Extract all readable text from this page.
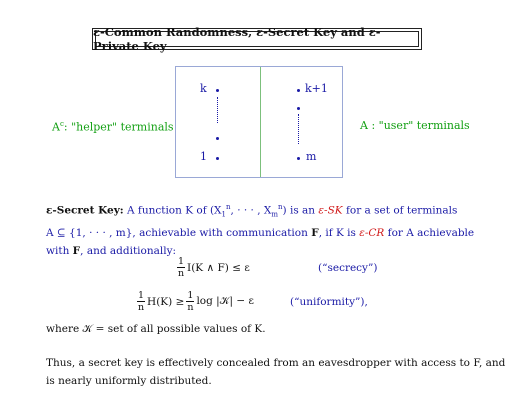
ε-Common Randomness, ε-Secret Key and ε-Private Key
k
1
k+1
m
$A^c$: "helper" terminals	A : "user" terminals
ε-Secret Key: A function K of ($X_1^n$, · · · , $X_m^n$) is an ε-SK for a set of terminals
A ⊆ {1, · · · , m}, achievable with communication F, if K is ε-CR for A achievable
with F, and additionally:
$\frac{1}{n} I(K$ ∧ F) ≤ ε	(“secrecy”)
$\frac{1}{n} H(K) \ge \frac{1}{n}$ log |𝒦| − ε	(“uniformity”),
where 𝒦 = set of all possible values of K.
Thus, a secret key is effectively concealed from an eavesdropper with access to F, and
is nearly uniformly distributed.
